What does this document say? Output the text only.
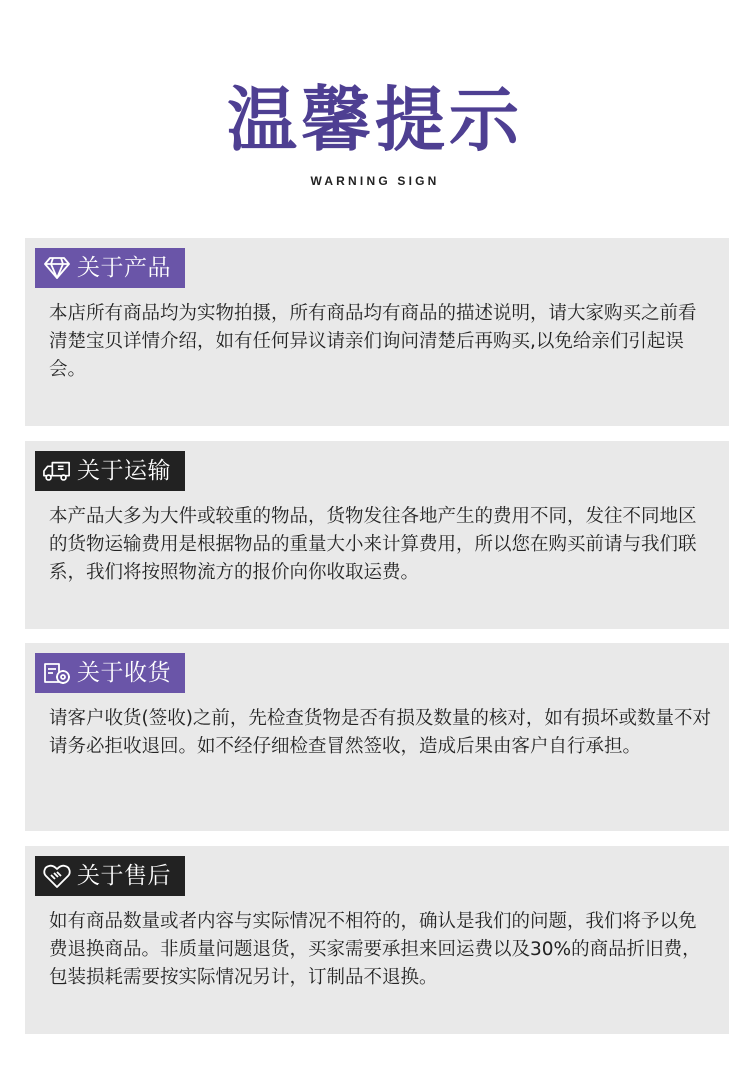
温馨提示
WARNING SIGN
关于产品
本店所有商品均为实物拍摄，所有商品均有商品的描述说明，请大家购买之前看清楚宝贝详情介绍，如有任何异议请亲们询问清楚后再购买,以免给亲们引起误会。
关于运输
本产品大多为大件或较重的物品，货物发往各地产生的费用不同，发往不同地区的货物运输费用是根据物品的重量大小来计算费用，所以您在购买前请与我们联系，我们将按照物流方的报价向你收取运费。
关于收货
请客户收货(签收)之前，先检查货物是否有损及数量的核对，如有损坏或数量不对请务必拒收退回。如不经仔细检查冒然签收，造成后果由客户自行承担。
关于售后
如有商品数量或者内容与实际情况不相符的，确认是我们的问题，我们将予以免费退换商品。非质量问题退货，买家需要承担来回运费以及30%的商品折旧费，包装损耗需要按实际情况另计，订制品不退换。
